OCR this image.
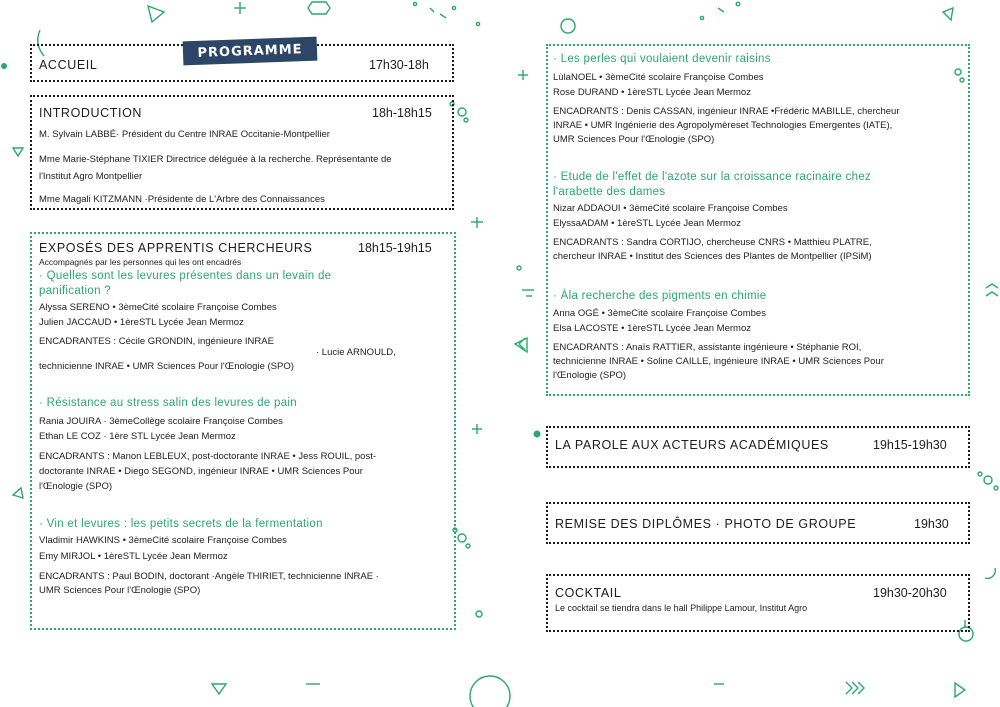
PROGRAMME
ACCUEIL	17h30-18h
INTRODUCTION	18h-18h15
M. Sylvain LABBÉ· Président du Centre INRAE Occitanie-Montpellier
Mme Marie-Stéphane TIXIER Directrice déléguée à la recherche. Représentante de
l'Institut Agro Montpellier
Mme Magali KITZMANN ·Présidente de L'Arbre des Connaissances
EXPOSÉS DES APPRENTIS CHERCHEURS	18h15-19h15
Accompagnés par les personnes qui les ont encadrés
· Quelles sont les levures présentes dans un levain de
panification ?
Alyssa SERENO • 3èmeCité scolaire Françoise Combes
Julien JACCAUD • 1èreSTL Lycée Jean Mermoz
ENCADRANTES : Cécile GRONDIN, ingénieure INRAE
· Lucie ARNOULD,
technicienne INRAE • UMR Sciences Pour l'Œnologie (SPO)
· Résistance au stress salin des levures de pain
Rania JOUIRA · 3èmeCollège scolaire Françoise Combes
Ethan LE COZ · 1ère STL Lycée Jean Mermoz
ENCADRANTS : Manon LEBLEUX, post-doctorante INRAE • Jess ROUIL, post-
doctorante INRAE • Diego SEGOND, ingénieur INRAE • UMR Sciences Pour
l'Œnologie (SPO)
· Vin et levures : les petits secrets de la fermentation
Vladimir HAWKINS • 3èmeCité scolaire Françoise Combes
Emy MIRJOL • 1èreSTL Lycée Jean Mermoz
ENCADRANTS : Paul BODIN, doctorant ·Angèle THIRIET, technicienne INRAE ·
UMR Sciences Pour l'Œnologie (SPO)
· Les perles qui voulaient devenir raisins
LùlaNOEL • 3èmeCité scolaire Françoise Combes
Rose DURAND • 1èreSTL Lycée Jean Mermoz
ENCADRANTS : Denis CASSAN, ingénieur INRAE •Frédéric MABILLE, chercheur
INRAE • UMR Ingénierie des Agropolymèreset Technologies Emergentes (IATE),
UMR Sciences Pour l'Œnologie (SPO)
· Etude de l'effet de l'azote sur la croissance racinaire chez
l'arabette des dames
Nizar ADDAOUI • 3èmeCité scolaire Françoise Combes
ElyssaADAM • 1èreSTL Lycée Jean Mermoz
ENCADRANTS : Sandra CORTIJO, chercheuse CNRS • Matthieu PLATRE,
chercheur INRAE • Institut des Sciences des Plantes de Montpellier (IPSiM)
· Àla recherche des pigments en chimie
Anna OGÉ • 3èmeCité scolaire Françoise Combes
Elsa LACOSTE • 1èreSTL Lycée Jean Mermoz
ENCADRANTS : Anaïs RATTIER, assistante ingénieure • Stéphanie ROI,
technicienne INRAE • Soline CAILLE, ingénieure INRAE • UMR Sciences Pour
l'Œnologie (SPO)
LA PAROLE AUX ACTEURS ACADÉMIQUES	19h15-19h30
REMISE DES DIPLÔMES · PHOTO DE GROUPE	19h30
COCKTAIL	19h30-20h30
Le cocktail se tiendra dans le hall Philippe Lamour, Institut Agro
